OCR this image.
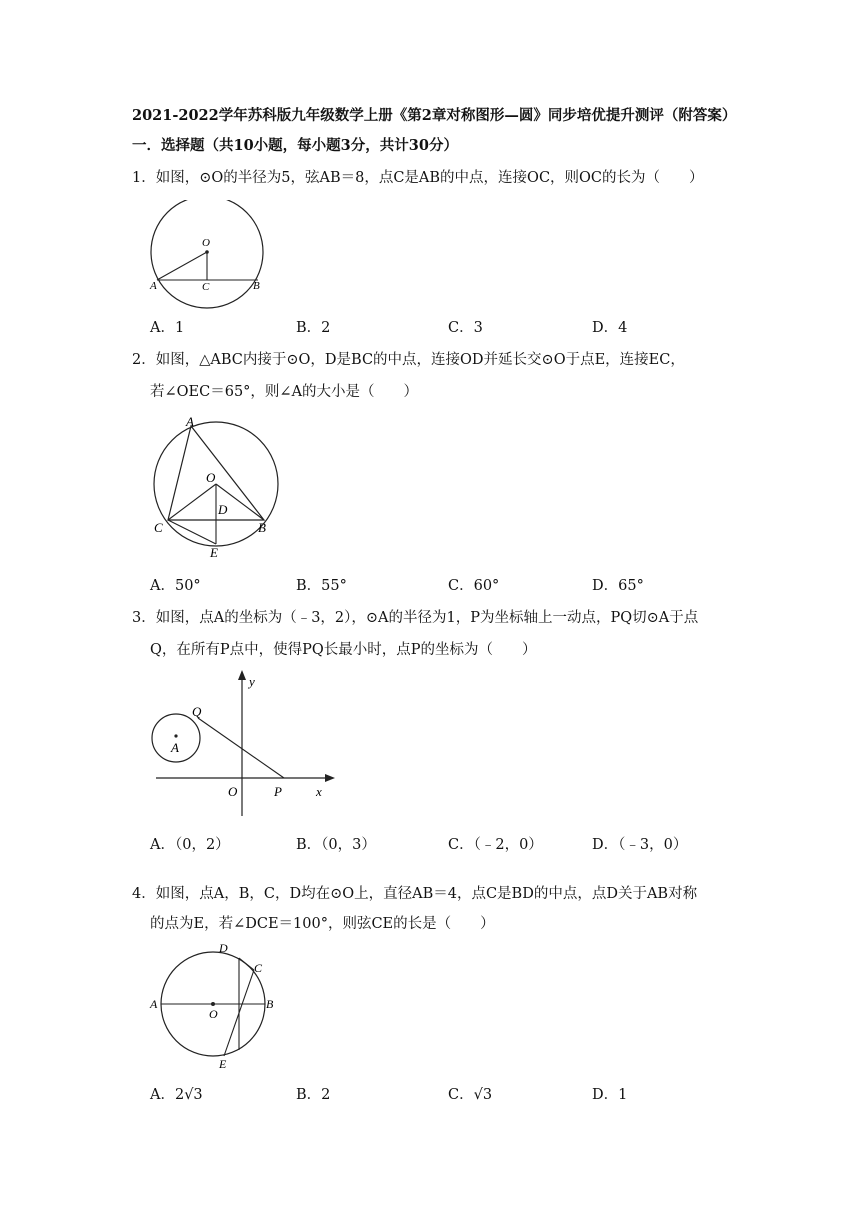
2021-2022学年苏科版九年级数学上册《第2章对称图形—圆》同步培优提升测评（附答案）
一．选择题（共10小题，每小题3分，共计30分）
1．如图，⊙O的半径为5，弦AB＝8，点C是AB的中点，连接OC，则OC的长为（　　）
O
A	C	B
A．1	B．2	C．3	D．4
2．如图，△ABC内接于⊙O，D是BC的中点，连接OD并延长交⊙O于点E，连接EC，
若∠OEC＝65°，则∠A的大小是（　　）
A
O
D
C	B
E
A．50°	B．55°	C．60°	D．65°
3．如图，点A的坐标为（﹣3，2），⊙A的半径为1，P为坐标轴上一动点，PQ切⊙A于点
Q，在所有P点中，使得PQ长最小时，点P的坐标为（　　）
y
Q
A
O	P	x
A．（0，2）	B．（0，3）	C．（﹣2，0）	D．（﹣3，0）
4．如图，点A，B，C，D均在⊙O上，直径AB＝4，点C是BD的中点，点D关于AB对称
的点为E，若∠DCE＝100°，则弦CE的长是（　　）
D
C
A
O
B
E
A．2√3	B．2	C．√3	D．1
